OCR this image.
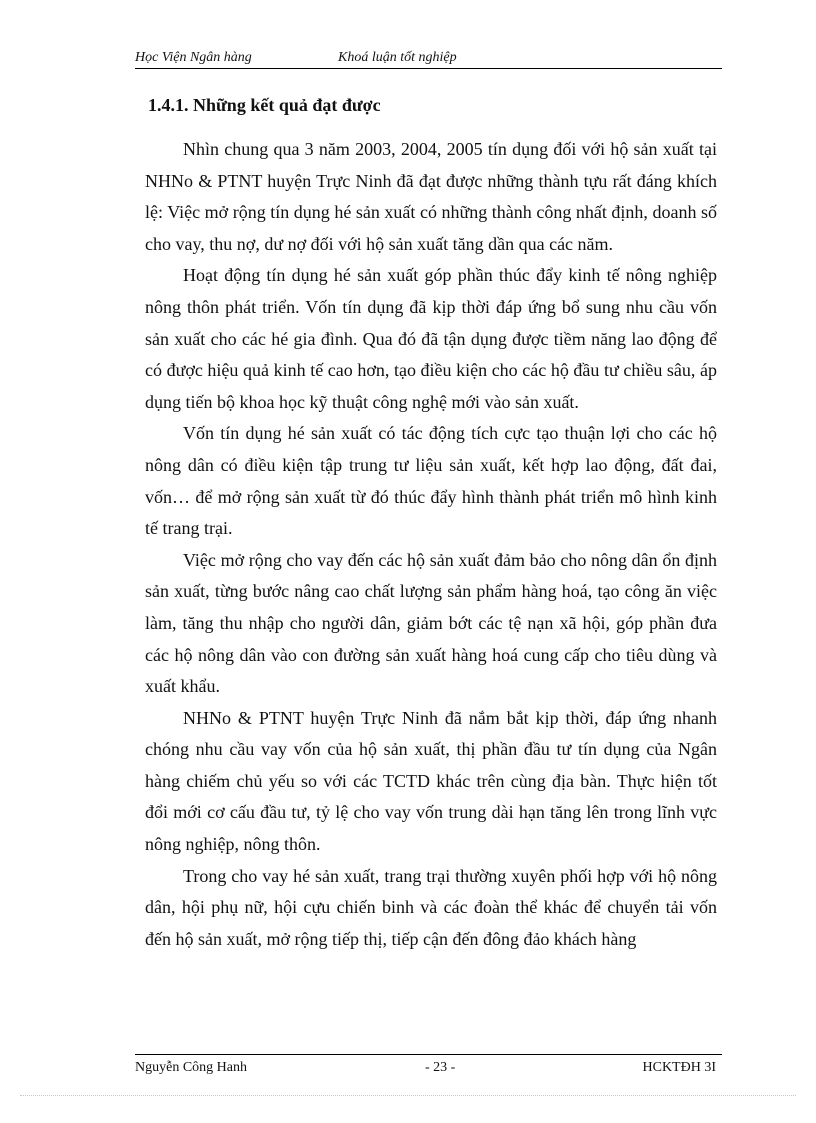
Học Viện Ngân hàng	Khoá luận tốt nghiệp
1.4.1. Những kết quả đạt được

Nhìn chung qua 3 năm 2003, 2004, 2005 tín dụng đối với hộ sản xuất tại NHNo & PTNT huyện Trực Ninh đã đạt được những thành tựu rất đáng khích lệ: Việc mở rộng tín dụng hé sản xuất có những thành công nhất định, doanh số cho vay, thu nợ, dư nợ đối với hộ sản xuất tăng dần qua các năm.

Hoạt động tín dụng hé sản xuất góp phần thúc đẩy kinh tế nông nghiệp nông thôn phát triển. Vốn tín dụng đã kịp thời đáp ứng bổ sung nhu cầu vốn sản xuất cho các hé gia đình. Qua đó đã tận dụng được tiềm năng lao động để có được hiệu quả kinh tế cao hơn, tạo điều kiện cho các hộ đầu tư chiều sâu, áp dụng tiến bộ khoa học kỹ thuật công nghệ mới vào sản xuất.

Vốn tín dụng hé sản xuất có tác động tích cực tạo thuận lợi cho các hộ nông dân có điều kiện tập trung tư liệu sản xuất, kết hợp lao động, đất đai, vốn… để mở rộng sản xuất từ đó thúc đẩy hình thành phát triển mô hình kinh tế trang trại.

Việc mở rộng cho vay đến các hộ sản xuất đảm bảo cho nông dân ổn định sản xuất, từng bước nâng cao chất lượng sản phẩm hàng hoá, tạo công ăn việc làm, tăng thu nhập cho người dân, giảm bớt các tệ nạn xã hội, góp phần đưa các hộ nông dân vào con đường sản xuất hàng hoá cung cấp cho tiêu dùng và xuất khẩu.

NHNo & PTNT huyện Trực Ninh đã nắm bắt kịp thời, đáp ứng nhanh chóng nhu cầu vay vốn của hộ sản xuất, thị phần đầu tư tín dụng của Ngân hàng chiếm chủ yếu so với các TCTD khác trên cùng địa bàn. Thực hiện tốt đổi mới cơ cấu đầu tư, tỷ lệ cho vay vốn trung dài hạn tăng lên trong lĩnh vực nông nghiệp, nông thôn.

Trong cho vay hé sản xuất, trang trại thường xuyên phối hợp với hộ nông dân, hội phụ nữ, hội cựu chiến binh và các đoàn thể khác để chuyển tải vốn đến hộ sản xuất, mở rộng tiếp thị, tiếp cận đến đông đảo khách hàng

Nguyễn Công Hanh	- 23 -	HCKTĐH 3I
